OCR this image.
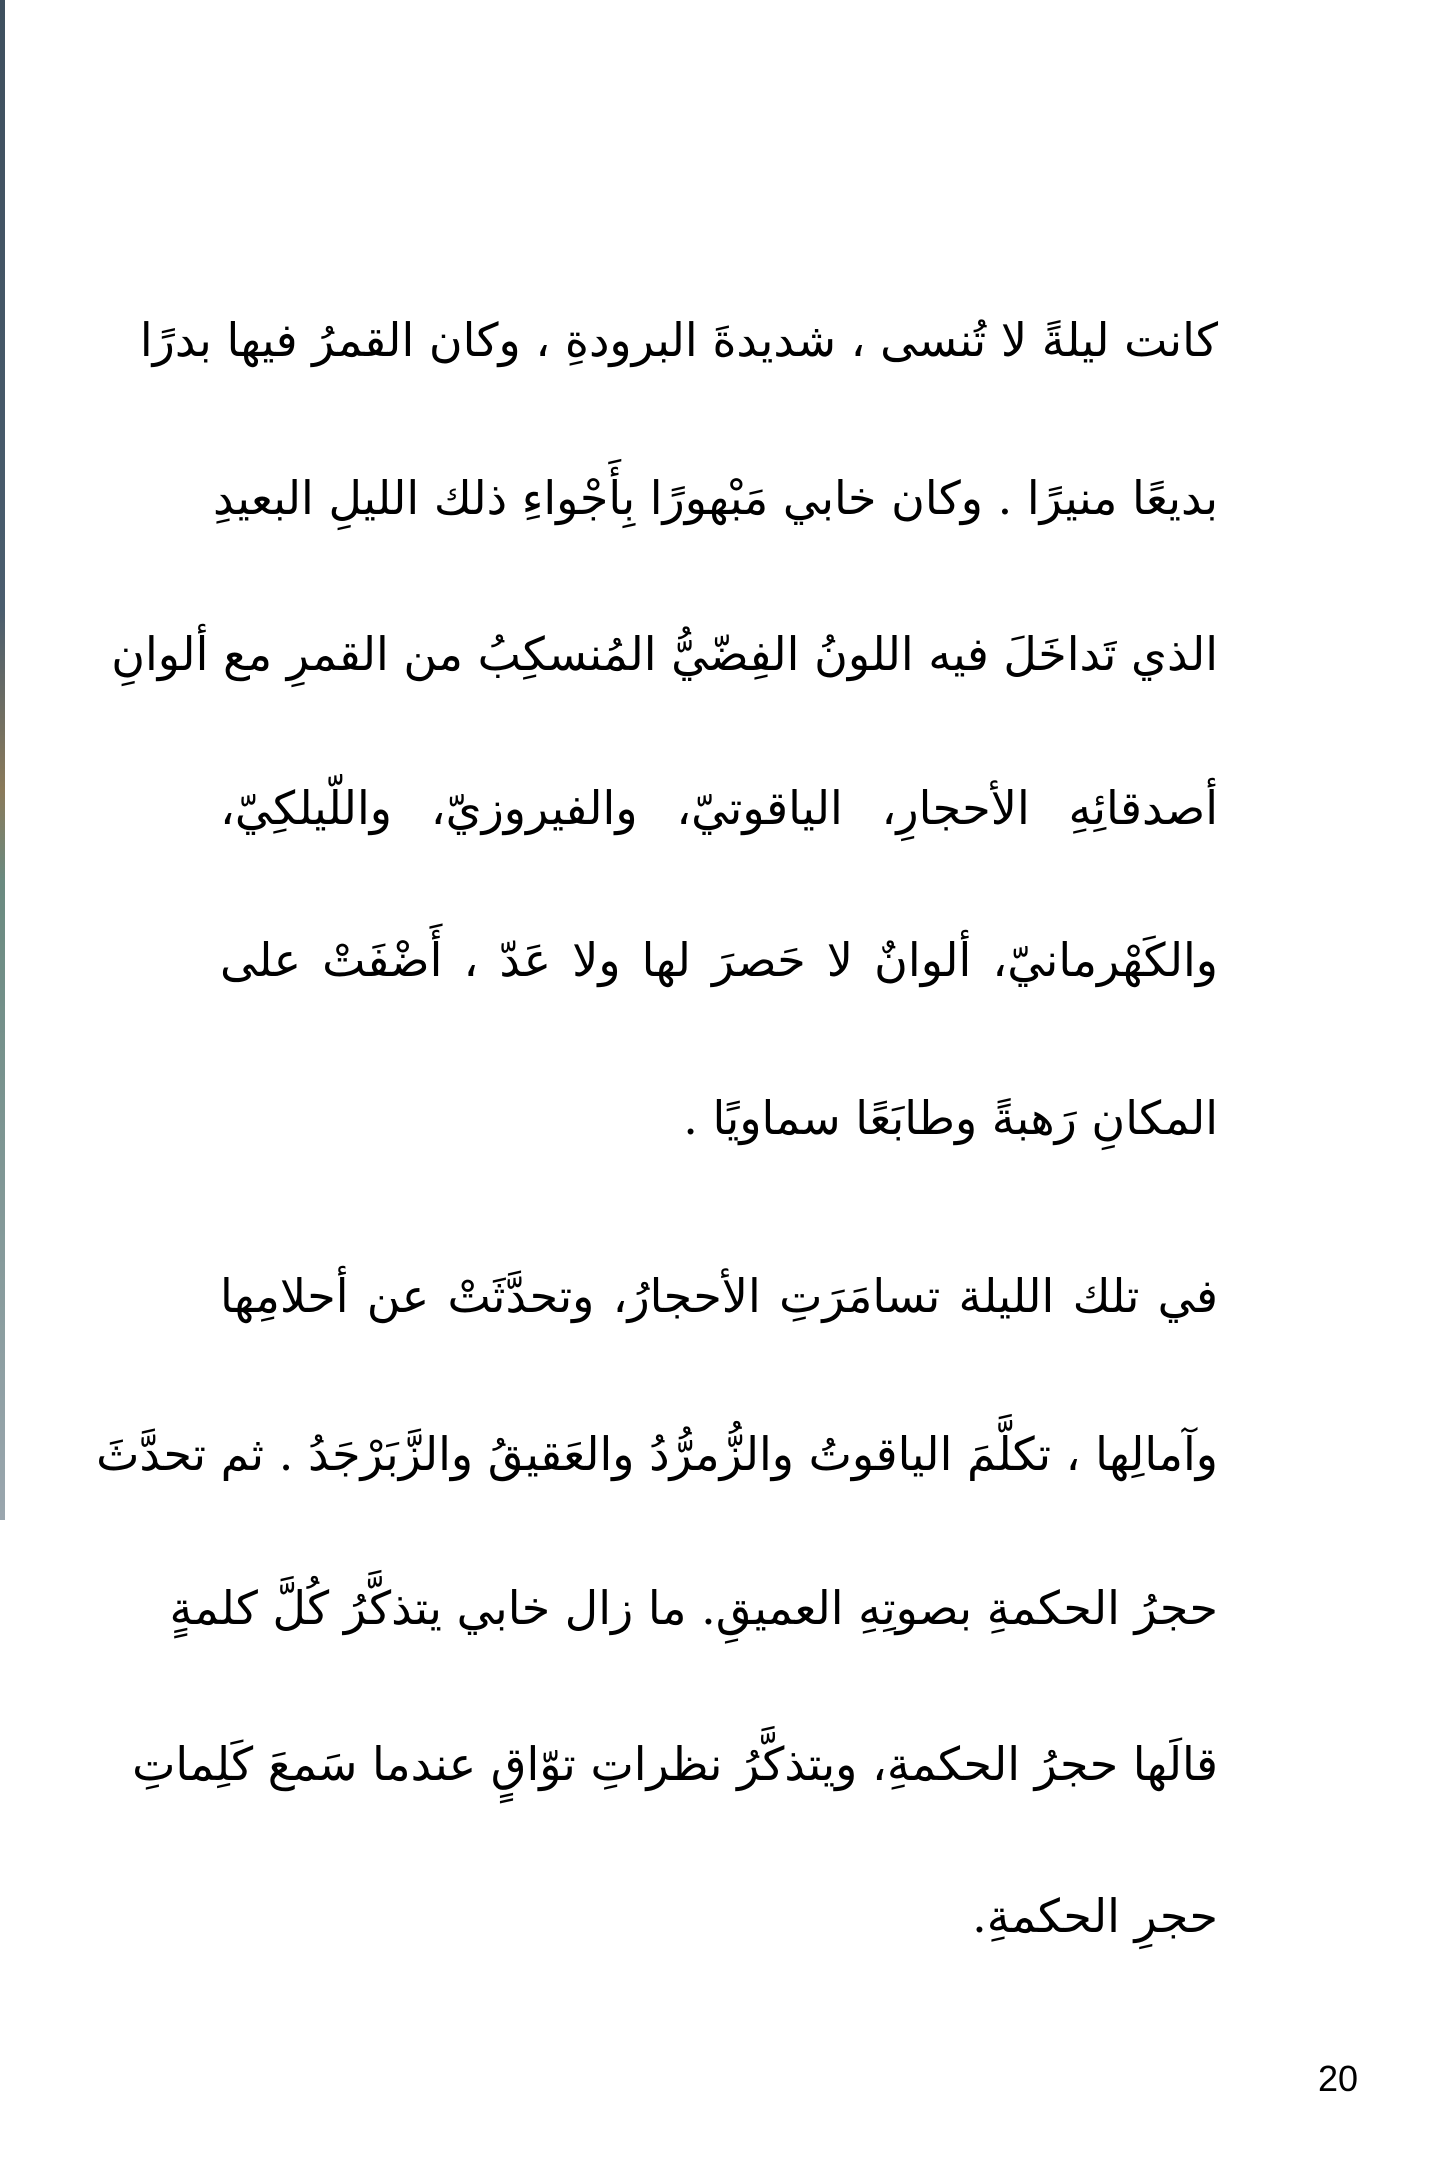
كانت ليلةً لا تُنسى ، شديدةَ البرودةِ ، وكان القمرُ فيها بدرًا
بديعًا منيرًا . وكان خابي مَبْهورًا بِأَجْواءِ ذلك الليلِ البعيدِ
الذي تَداخَلَ فيه اللونُ الفِضّيُّ المُنسكِبُ من القمرِ مع ألوانِ
أصدقائِهِ الأحجارِ، الياقوتيّ، والفيروزيّ، واللّيلكِيّ،
والكَهْرمانيّ، ألوانٌ لا حَصرَ لها ولا عَدّ ، أَضْفَتْ على
المكانِ رَهبةً وطابَعًا سماويًا .
في تلك الليلة تسامَرَتِ الأحجارُ، وتحدَّثَتْ عن أحلامِها
وآمالِها ، تكلَّمَ الياقوتُ والزُّمرُّدُ والعَقيقُ والزَّبَرْجَدُ . ثم تحدَّثَ
حجرُ الحكمةِ بصوتِهِ العميقِ. ما زال خابي يتذكَّرُ كُلَّ كلمةٍ
قالَها حجرُ الحكمةِ، ويتذكَّرُ نظراتِ توّاقٍ عندما سَمعَ كَلِماتِ
حجرِ الحكمةِ.
20
